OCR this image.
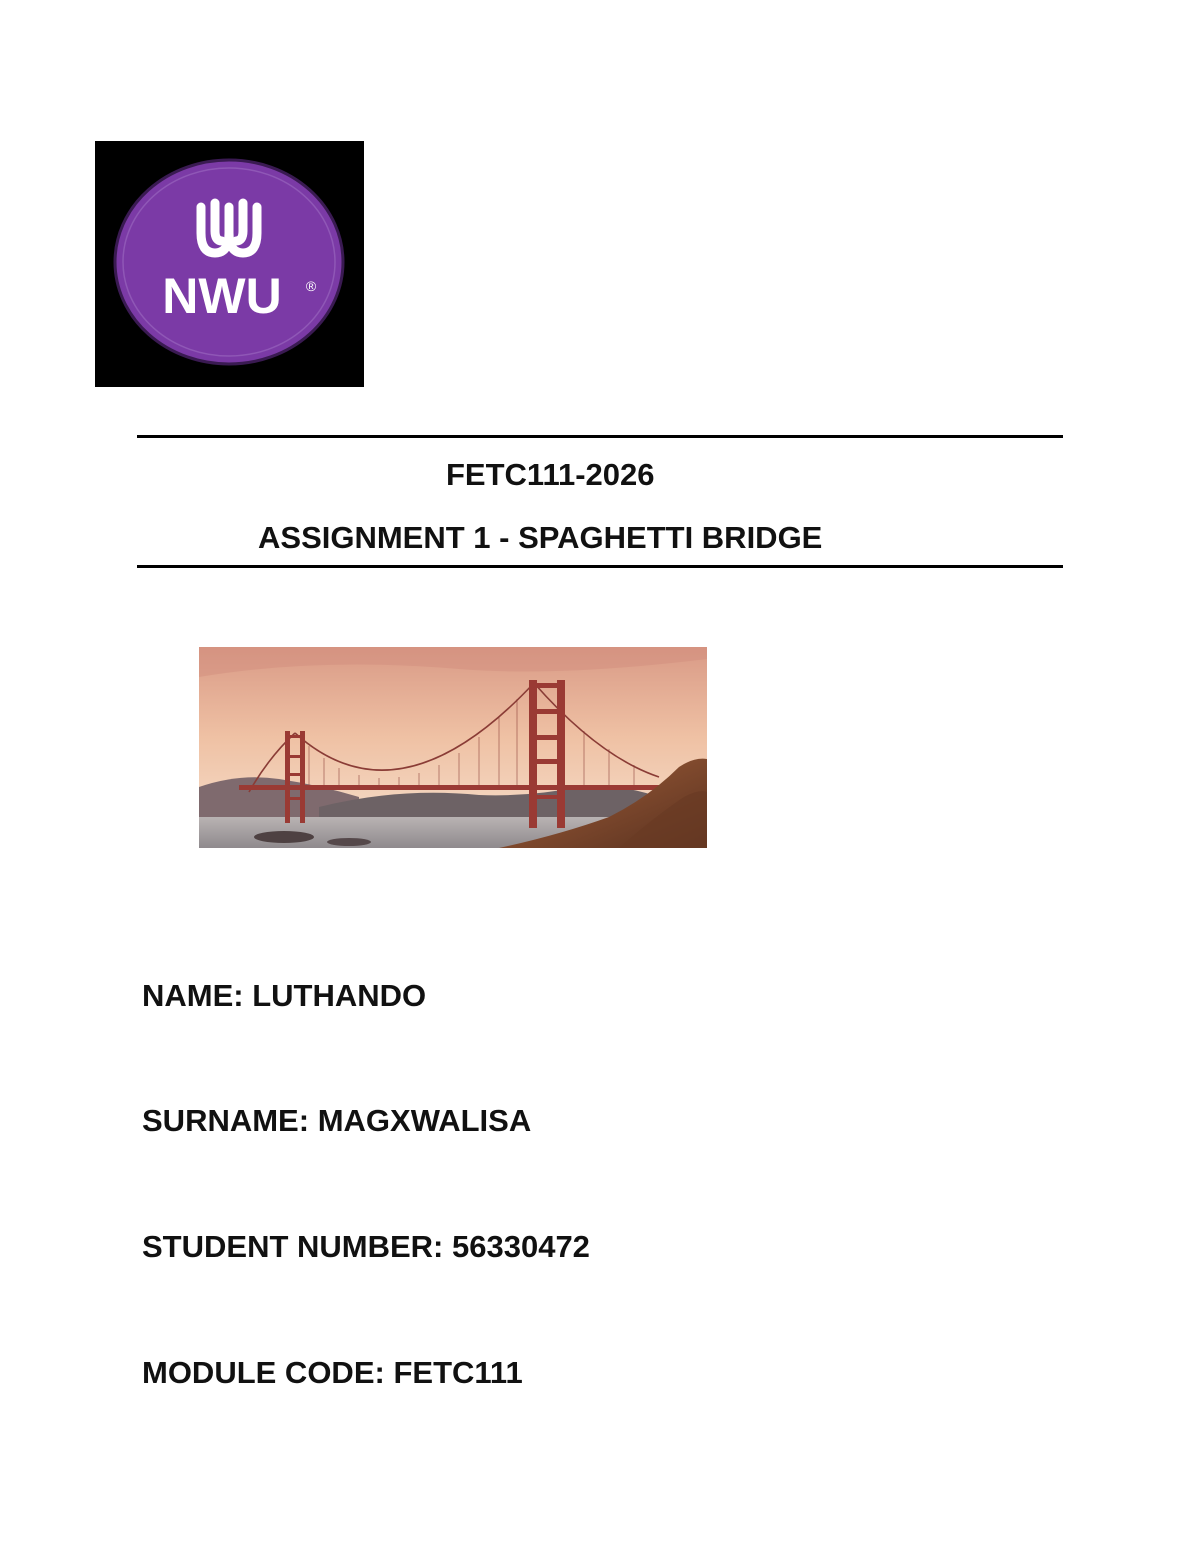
NWU ®
FETC111-2026
ASSIGNMENT 1 - SPAGHETTI BRIDGE
NAME: LUTHANDO
SURNAME: MAGXWALISA
STUDENT NUMBER: 56330472
MODULE CODE: FETC111
